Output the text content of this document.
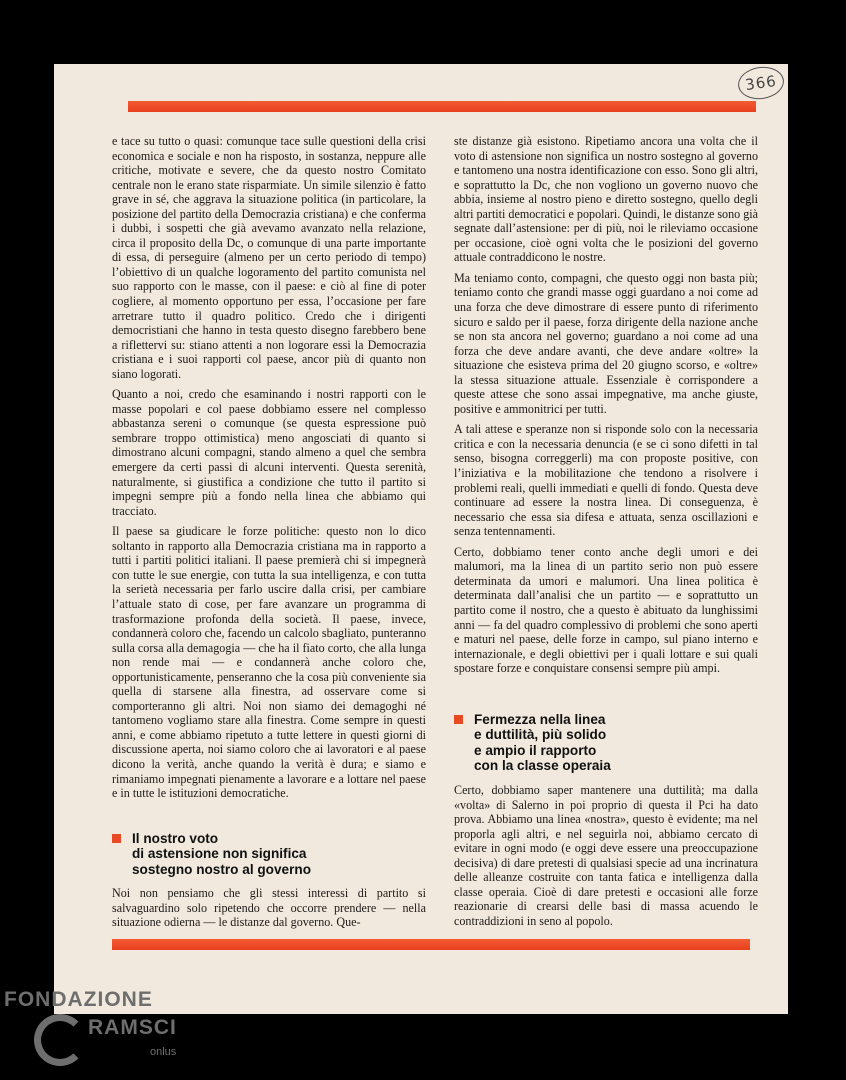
366

e tace su tutto o quasi: comunque tace sulle questioni della crisi economica e sociale e non ha risposto, in sostanza, neppure alle critiche, motivate e severe, che da questo nostro Comitato centrale non le erano state risparmiate. Un simile silenzio è fatto grave in sé, che aggrava la situazione politica (in particolare, la posizione del partito della Democrazia cristiana) e che conferma i dubbi, i sospetti che già avevamo avanzato nella relazione, circa il proposito della Dc, o comunque di una parte importante di essa, di perseguire (almeno per un certo periodo di tempo) l’obiettivo di un qualche logoramento del partito comunista nel suo rapporto con le masse, con il paese: e ciò al fine di poter cogliere, al momento opportuno per essa, l’occasione per fare arretrare tutto il quadro politico. Credo che i dirigenti democristiani che hanno in testa questo disegno farebbero bene a riflettervi su: stiano attenti a non logorare essi la Democrazia cristiana e i suoi rapporti col paese, ancor più di quanto non siano logorati.

Quanto a noi, credo che esaminando i nostri rapporti con le masse popolari e col paese dobbiamo essere nel complesso abbastanza sereni o comunque (se questa espressione può sembrare troppo ottimistica) meno angosciati di quanto si dimostrano alcuni compagni, stando almeno a quel che sembra emergere da certi passi di alcuni interventi. Questa serenità, naturalmente, si giustifica a condizione che tutto il partito si impegni sempre più a fondo nella linea che abbiamo qui tracciato.

Il paese sa giudicare le forze politiche: questo non lo dico soltanto in rapporto alla Democrazia cristiana ma in rapporto a tutti i partiti politici italiani. Il paese premierà chi si impegnerà con tutte le sue energie, con tutta la sua intelligenza, e con tutta la serietà necessaria per farlo uscire dalla crisi, per cambiare l’attuale stato di cose, per fare avanzare un programma di trasformazione profonda della società. Il paese, invece, condannerà coloro che, facendo un calcolo sbagliato, punteranno sulla corsa alla demagogia — che ha il fiato corto, che alla lunga non rende mai — e condannerà anche coloro che, opportunisticamente, penseranno che la cosa più conveniente sia quella di starsene alla finestra, ad osservare come si comporteranno gli altri. Noi non siamo dei demagoghi né tantomeno vogliamo stare alla finestra. Come sempre in questi anni, e come abbiamo ripetuto a tutte lettere in questi giorni di discussione aperta, noi siamo coloro che ai lavoratori e al paese dicono la verità, anche quando la verità è dura; e siamo e rimaniamo impegnati pienamente a lavorare e a lottare nel paese e in tutte le istituzioni democratiche.

Il nostro voto
di astensione non significa
sostegno nostro al governo

Noi non pensiamo che gli stessi interessi di partito si salvaguardino solo ripetendo che occorre prendere — nella situazione odierna — le distanze dal governo. Que-

ste distanze già esistono. Ripetiamo ancora una volta che il voto di astensione non significa un nostro sostegno al governo e tantomeno una nostra identificazione con esso. Sono gli altri, e soprattutto la Dc, che non vogliono un governo nuovo che abbia, insieme al nostro pieno e diretto sostegno, quello degli altri partiti democratici e popolari. Quindi, le distanze sono già segnate dall’astensione: per di più, noi le rileviamo occasione per occasione, cioè ogni volta che le posizioni del governo attuale contraddicono le nostre.

Ma teniamo conto, compagni, che questo oggi non basta più; teniamo conto che grandi masse oggi guardano a noi come ad una forza che deve dimostrare di essere punto di riferimento sicuro e saldo per il paese, forza dirigente della nazione anche se non sta ancora nel governo; guardano a noi come ad una forza che deve andare avanti, che deve andare «oltre» la situazione che esisteva prima del 20 giugno scorso, e «oltre» la stessa situazione attuale. Essenziale è corrispondere a queste attese che sono assai impegnative, ma anche giuste, positive e ammonitrici per tutti.

A tali attese e speranze non si risponde solo con la necessaria critica e con la necessaria denuncia (e se ci sono difetti in tal senso, bisogna correggerli) ma con proposte positive, con l’iniziativa e la mobilitazione che tendono a risolvere i problemi reali, quelli immediati e quelli di fondo. Questa deve continuare ad essere la nostra linea. Di conseguenza, è necessario che essa sia difesa e attuata, senza oscillazioni e senza tentennamenti.

Certo, dobbiamo tener conto anche degli umori e dei malumori, ma la linea di un partito serio non può essere determinata da umori e malumori. Una linea politica è determinata dall’analisi che un partito — e soprattutto un partito come il nostro, che a questo è abituato da lunghissimi anni — fa del quadro complessivo di problemi che sono aperti e maturi nel paese, delle forze in campo, sul piano interno e internazionale, e degli obiettivi per i quali lottare e sui quali spostare forze e conquistare consensi sempre più ampi.

Fermezza nella linea
e duttilità, più solido
e ampio il rapporto
con la classe operaia

Certo, dobbiamo saper mantenere una duttilità; ma dalla «volta» di Salerno in poi proprio di questa il Pci ha dato prova. Abbiamo una linea «nostra», questo è evidente; ma nel proporla agli altri, e nel seguirla noi, abbiamo cercato di evitare in ogni modo (e oggi deve essere una preoccupazione decisiva) di dare pretesti di qualsiasi specie ad una incrinatura delle alleanze costruite con tanta fatica e intelligenza dalla classe operaia. Cioè di dare pretesti e occasioni alle forze reazionarie di crearsi delle basi di massa acuendo le contraddizioni in seno al popolo.

FONDAZIONE
RAMSCI
onlus
